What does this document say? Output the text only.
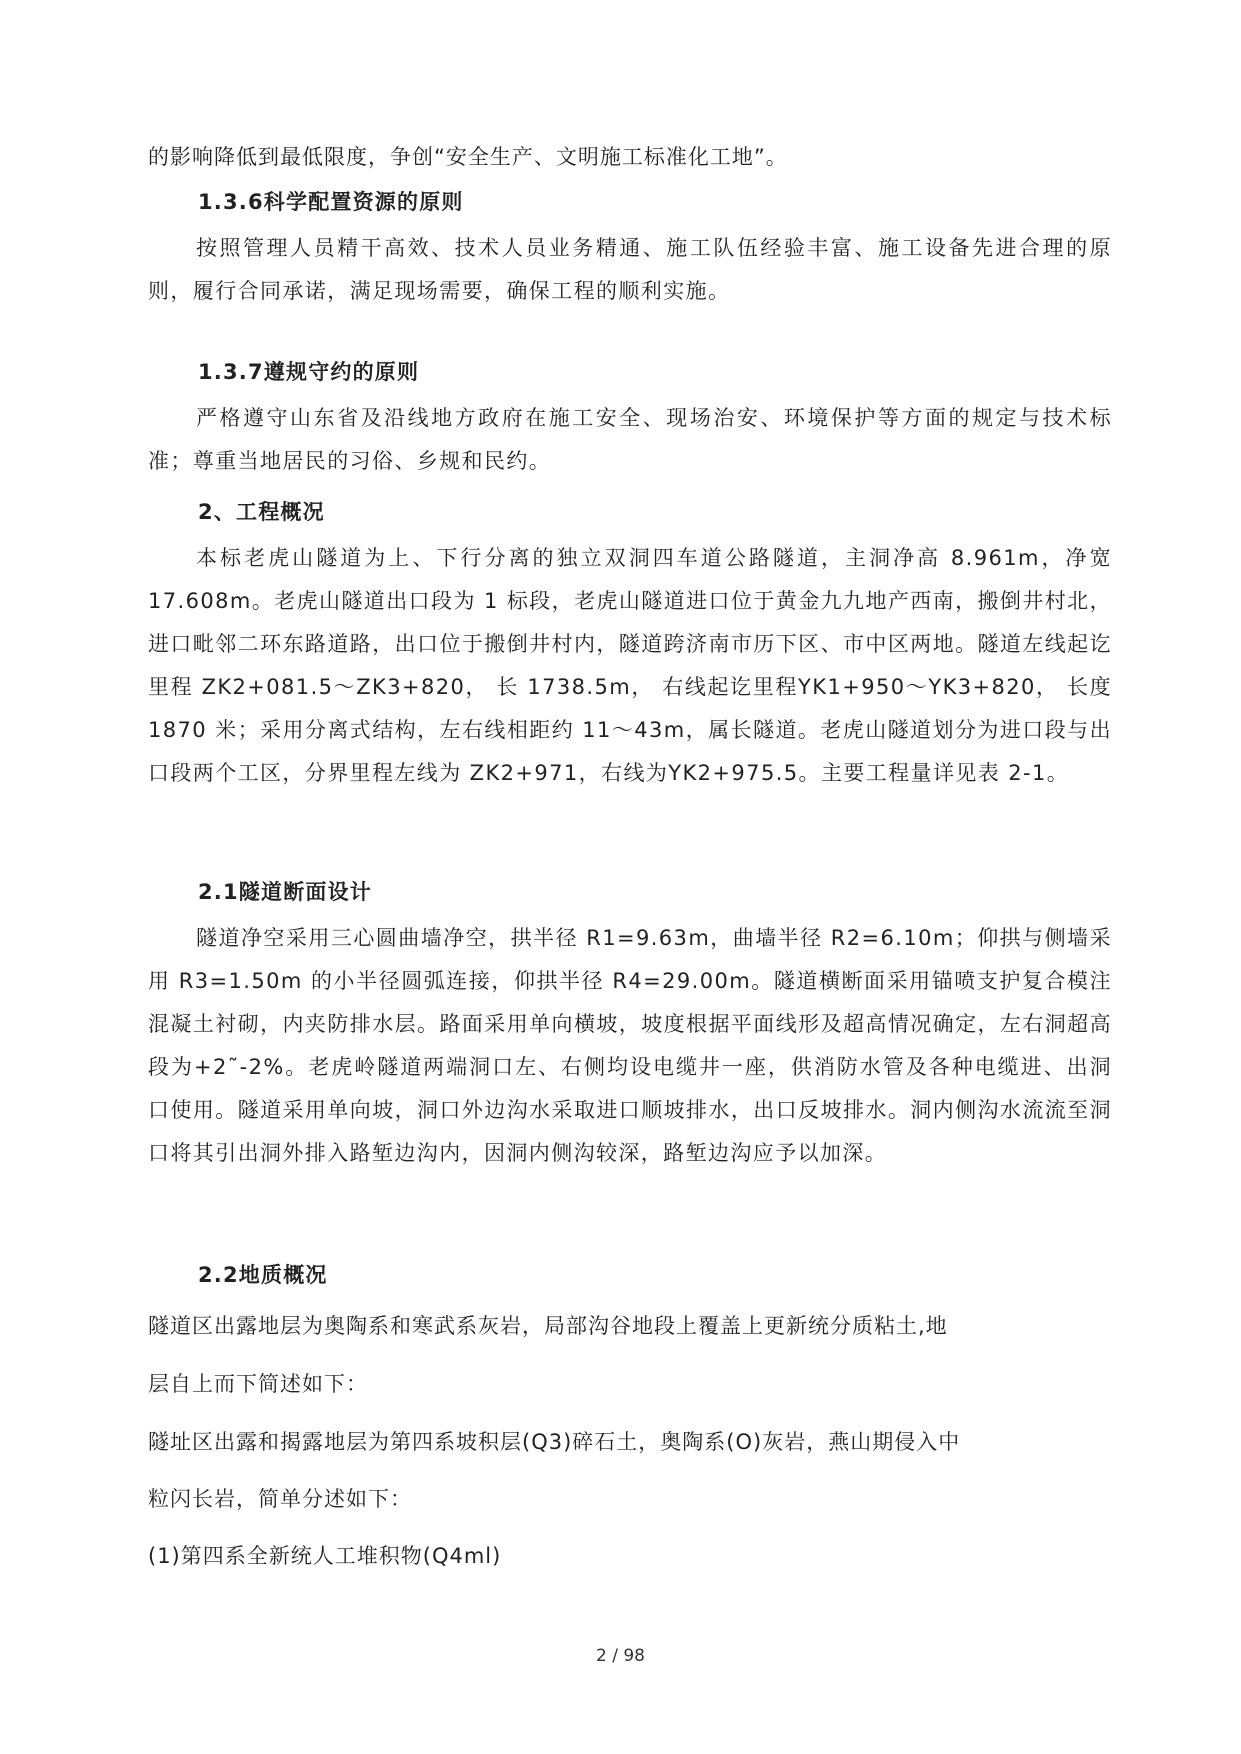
的影响降低到最低限度，争创“安全生产、文明施工标准化工地”。
1.3.6科学配置资源的原则

按照管理人员精干高效、技术人员业务精通、施工队伍经验丰富、施工设备先进合理的原则，履行合同承诺，满足现场需要，确保工程的顺利实施。

1.3.7遵规守约的原则

严格遵守山东省及沿线地方政府在施工安全、现场治安、环境保护等方面的规定与技术标准；尊重当地居民的习俗、乡规和民约。

2、工程概况

本标老虎山隧道为上、下行分离的独立双洞四车道公路隧道，主洞净高 8.961m，净宽 17.608m。老虎山隧道出口段为 1 标段，老虎山隧道进口位于黄金九九地产西南，搬倒井村北，进口毗邻二环东路道路，出口位于搬倒井村内，隧道跨济南市历下区、市中区两地。隧道左线起讫里程 ZK2+081.5～ZK3+820， 长 1738.5m， 右线起讫里程YK1+950～YK3+820， 长度 1870 米；采用分离式结构，左右线相距约 11～43m，属长隧道。老虎山隧道划分为进口段与出口段两个工区，分界里程左线为 ZK2+971，右线为YK2+975.5。主要工程量详见表 2-1。

2.1隧道断面设计

隧道净空采用三心圆曲墙净空，拱半径 R1=9.63m，曲墙半径 R2=6.10m；仰拱与侧墙采用 R3=1.50m 的小半径圆弧连接，仰拱半径 R4=29.00m。隧道横断面采用锚喷支护复合模注混凝土衬砌，内夹防排水层。路面采用单向横坡，坡度根据平面线形及超高情况确定，左右洞超高段为+2˜-2%。老虎岭隧道两端洞口左、右侧均设电缆井一座，供消防水管及各种电缆进、出洞口使用。隧道采用单向坡，洞口外边沟水采取进口顺坡排水，出口反坡排水。洞内侧沟水流流至洞口将其引出洞外排入路堑边沟内，因洞内侧沟较深，路堑边沟应予以加深。

2.2地质概况
隧道区出露地层为奥陶系和寒武系灰岩，局部沟谷地段上覆盖上更新统分质粘土,地
层自上而下简述如下：
隧址区出露和揭露地层为第四系坡积层(Q3)碎石土，奥陶系(O)灰岩，燕山期侵入中
粒闪长岩，简单分述如下：
(1)第四系全新统人工堆积物(Q4ml)
2 / 98
